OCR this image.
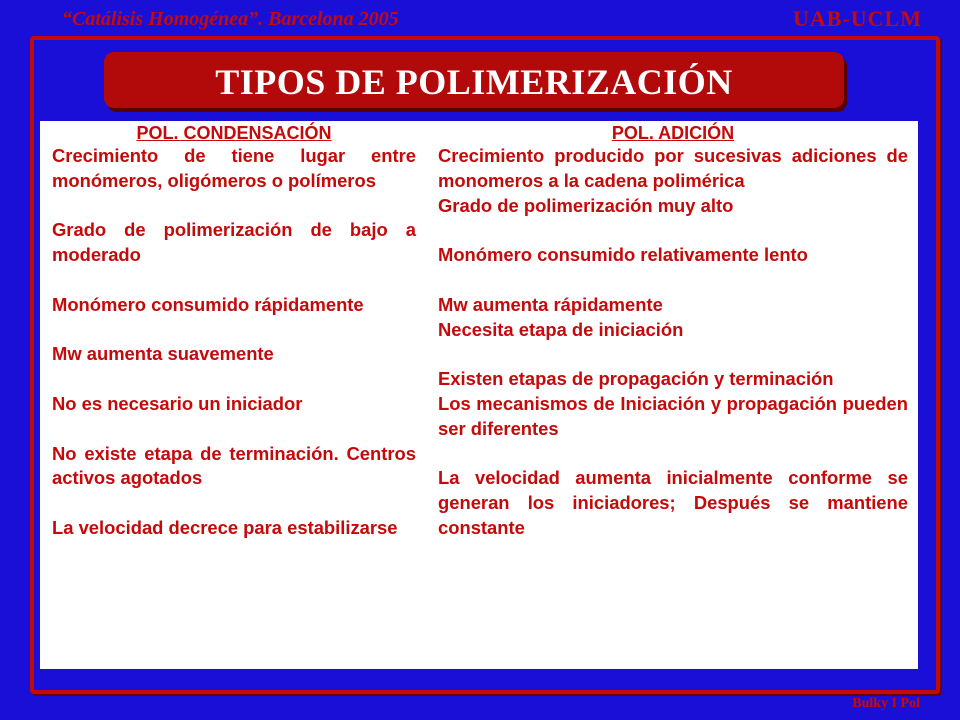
“Catálisis Homogénea”. Barcelona 2005	UAB-UCLM
TIPOS DE POLIMERIZACIÓN
POL. CONDENSACIÓN
Crecimiento de tiene lugar entre monómeros, oligómeros o polímeros
Grado de polimerización de bajo a moderado
Monómero consumido rápidamente
Mw aumenta suavemente
No es necesario un iniciador
No existe etapa de terminación. Centros activos agotados
La velocidad decrece para estabilizarse
POL. ADICIÓN
Crecimiento producido por sucesivas adiciones de monomeros a la cadena polimérica
Grado de polimerización muy alto
Monómero consumido relativamente lento
Mw aumenta rápidamente
Necesita etapa de iniciación
Existen etapas de propagación y terminación
Los mecanismos de Iniciación y propagación pueden ser diferentes
La velocidad aumenta inicialmente conforme se generan los iniciadores; Después se mantiene constante
Bulky I Pol
